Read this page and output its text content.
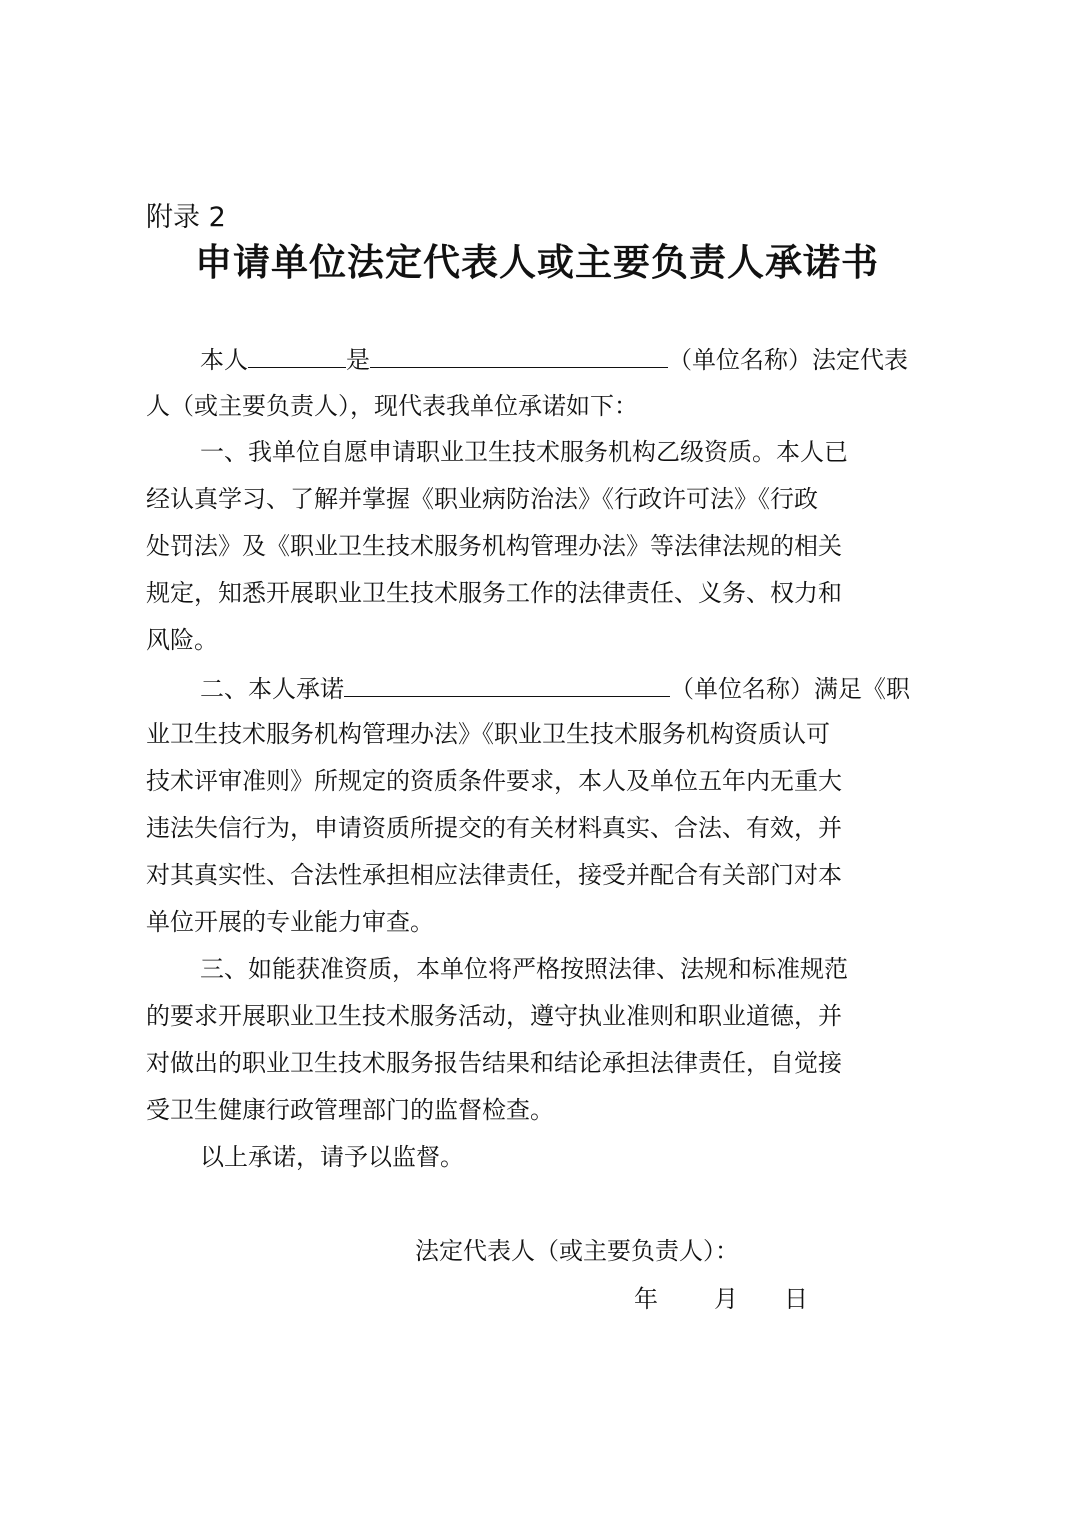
附录 2
申请单位法定代表人或主要负责人承诺书
本人	是	（单位名称）法定代表
人（或主要负责人），现代表我单位承诺如下：
一、我单位自愿申请职业卫生技术服务机构乙级资质。本人已
经认真学习、了解并掌握《职业病防治法》《行政许可法》《行政
处罚法》及《职业卫生技术服务机构管理办法》等法律法规的相关
规定，知悉开展职业卫生技术服务工作的法律责任、义务、权力和
风险。
二、本人承诺	（单位名称）满足《职
业卫生技术服务机构管理办法》《职业卫生技术服务机构资质认可
技术评审准则》所规定的资质条件要求，本人及单位五年内无重大
违法失信行为，申请资质所提交的有关材料真实、合法、有效，并
对其真实性、合法性承担相应法律责任，接受并配合有关部门对本
单位开展的专业能力审查。
三、如能获准资质，本单位将严格按照法律、法规和标准规范
的要求开展职业卫生技术服务活动，遵守执业准则和职业道德，并
对做出的职业卫生技术服务报告结果和结论承担法律责任，自觉接
受卫生健康行政管理部门的监督检查。
以上承诺，请予以监督。
法定代表人（或主要负责人）：
年 月 日
